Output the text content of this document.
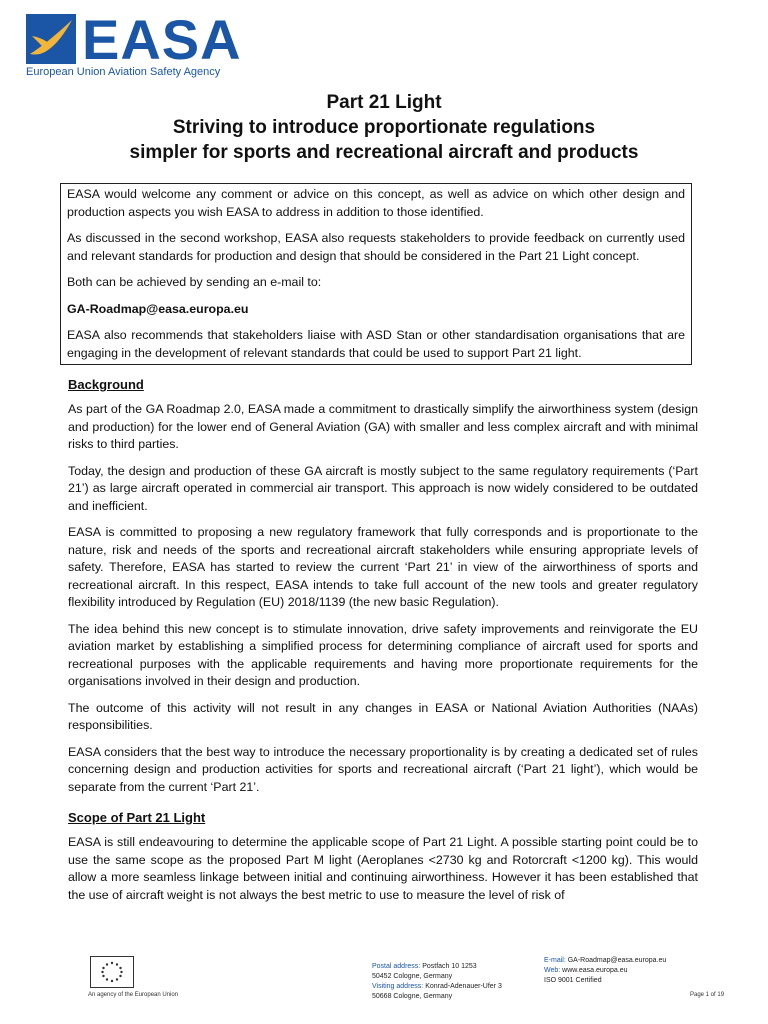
EASA
European Union Aviation Safety Agency
Part 21 Light
Striving to introduce proportionate regulations
simpler for sports and recreational aircraft and products

EASA would welcome any comment or advice on this concept, as well as advice on which other design and production aspects you wish EASA to address in addition to those identified.

As discussed in the second workshop, EASA also requests stakeholders to provide feedback on currently used and relevant standards for production and design that should be considered in the Part 21 Light concept.

Both can be achieved by sending an e-mail to:

GA-Roadmap@easa.europa.eu

EASA also recommends that stakeholders liaise with ASD Stan or other standardisation organisations that are engaging in the development of relevant standards that could be used to support Part 21 light.

Background

As part of the GA Roadmap 2.0, EASA made a commitment to drastically simplify the airworthiness system (design and production) for the lower end of General Aviation (GA) with smaller and less complex aircraft and with minimal risks to third parties.

Today, the design and production of these GA aircraft is mostly subject to the same regulatory requirements (‘Part 21’) as large aircraft operated in commercial air transport. This approach is now widely considered to be outdated and inefficient.

EASA is committed to proposing a new regulatory framework that fully corresponds and is proportionate to the nature, risk and needs of the sports and recreational aircraft stakeholders while ensuring appropriate levels of safety. Therefore, EASA has started to review the current ‘Part 21’ in view of the airworthiness of sports and recreational aircraft. In this respect, EASA intends to take full account of the new tools and greater regulatory flexibility introduced by Regulation (EU) 2018/1139 (the new basic Regulation).

The idea behind this new concept is to stimulate innovation, drive safety improvements and reinvigorate the EU aviation market by establishing a simplified process for determining compliance of aircraft used for sports and recreational purposes with the applicable requirements and having more proportionate requirements for the organisations involved in their design and production.

The outcome of this activity will not result in any changes in EASA or National Aviation Authorities (NAAs) responsibilities.

EASA considers that the best way to introduce the necessary proportionality is by creating a dedicated set of rules concerning design and production activities for sports and recreational aircraft (‘Part 21 light’), which would be separate from the current ‘Part 21’.

Scope of Part 21 Light

EASA is still endeavouring to determine the applicable scope of Part 21 Light. A possible starting point could be to use the same scope as the proposed Part M light (Aeroplanes <2730 kg and Rotorcraft <1200 kg). This would allow a more seamless linkage between initial and continuing airworthiness. However it has been established that the use of aircraft weight is not always the best metric to use to measure the level of risk of

An agency of the European Union
Postal address: Postfach 10 1253
50452 Cologne, Germany
Visiting address: Konrad-Adenauer-Ufer 3
50668 Cologne, Germany
E-mail: GA-Roadmap@easa.europa.eu
Web: www.easa.europa.eu
ISO 9001 Certified
Page 1 of 19
